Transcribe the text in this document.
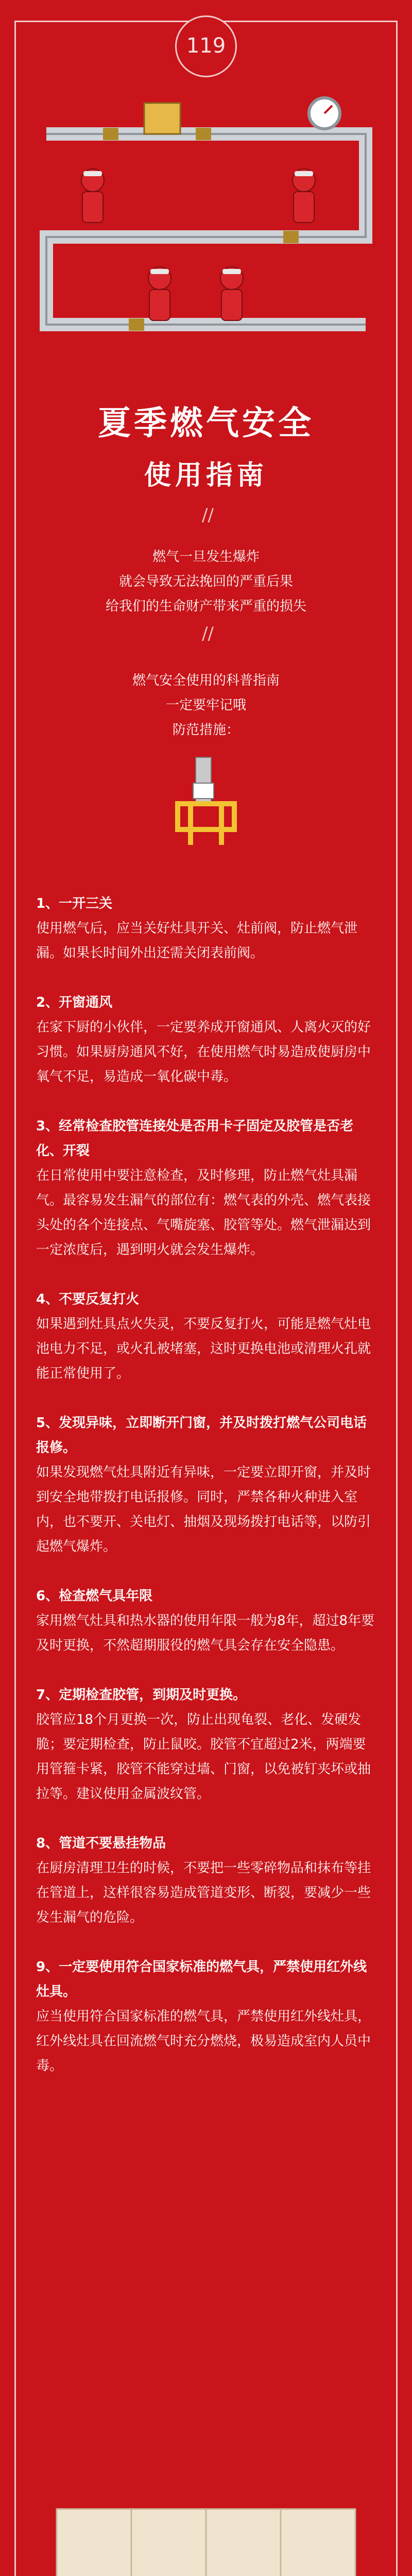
119
夏季燃气安全
使用指南
//
燃气一旦发生爆炸
就会导致无法挽回的严重后果
给我们的生命财产带来严重的损失
//
燃气安全使用的科普指南
一定要牢记哦
防范措施：

1、一开三关

使用燃气后，应当关好灶具开关、灶前阀，防止燃气泄漏。如果长时间外出还需关闭表前阀。

2、开窗通风

在家下厨的小伙伴，一定要养成开窗通风、人离火灭的好习惯。如果厨房通风不好，在使用燃气时易造成使厨房中氧气不足，易造成一氧化碳中毒。

3、经常检查胶管连接处是否用卡子固定及胶管是否老化、开裂

在日常使用中要注意检查，及时修理，防止燃气灶具漏气。最容易发生漏气的部位有：燃气表的外壳、燃气表接头处的各个连接点、气嘴旋塞、胶管等处。燃气泄漏达到一定浓度后，遇到明火就会发生爆炸。

4、不要反复打火

如果遇到灶具点火失灵，不要反复打火，可能是燃气灶电池电力不足，或火孔被堵塞，这时更换电池或清理火孔就能正常使用了。

5、发现异味，立即断开门窗，并及时拨打燃气公司电话报修。

如果发现燃气灶具附近有异味，一定要立即开窗，并及时到安全地带拨打电话报修。同时，严禁各种火种进入室内，也不要开、关电灯、抽烟及现场拨打电话等，以防引起燃气爆炸。

6、检查燃气具年限

家用燃气灶具和热水器的使用年限一般为8年，超过8年要及时更换，不然超期服役的燃气具会存在安全隐患。

7、定期检查胶管，到期及时更换。

胶管应18个月更换一次，防止出现龟裂、老化、发硬发脆；要定期检查，防止鼠咬。胶管不宜超过2米，两端要用管箍卡紧，胶管不能穿过墙、门窗，以免被钉夹坏或抽拉等。建议使用金属波纹管。

8、管道不要悬挂物品

在厨房清理卫生的时候，不要把一些零碎物品和抹布等挂在管道上，这样很容易造成管道变形、断裂，要减少一些发生漏气的危险。

9、一定要使用符合国家标准的燃气具，严禁使用红外线灶具。

应当使用符合国家标准的燃气具，严禁使用红外线灶具，红外线灶具在回流燃气时充分燃烧，极易造成室内人员中毒。
